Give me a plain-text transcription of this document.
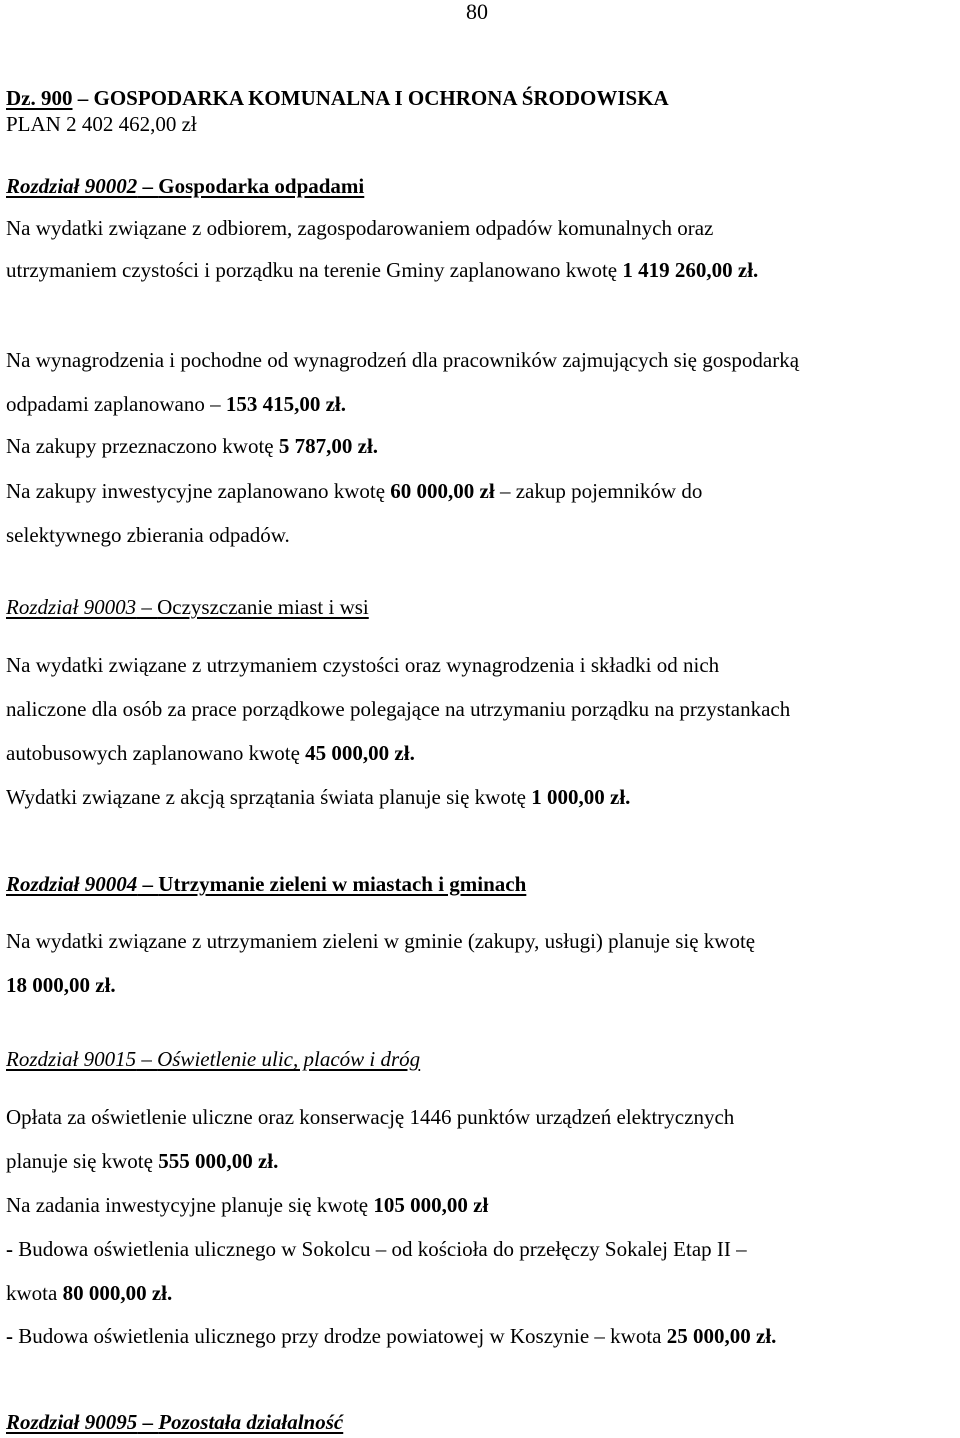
80
Dz. 900 – GOSPODARKA KOMUNALNA I OCHRONA ŚRODOWISKA
PLAN 2 402 462,00 zł
Rozdział 90002 – Gospodarka odpadami
Na wydatki związane z odbiorem, zagospodarowaniem odpadów komunalnych oraz
utrzymaniem czystości i porządku na terenie Gminy zaplanowano kwotę 1 419 260,00 zł.
Na wynagrodzenia i pochodne od wynagrodzeń dla pracowników zajmujących się gospodarką
odpadami zaplanowano – 153 415,00 zł.
Na zakupy przeznaczono kwotę 5 787,00 zł.
Na zakupy inwestycyjne zaplanowano kwotę 60 000,00 zł – zakup pojemników do
selektywnego zbierania odpadów.
Rozdział 90003 – Oczyszczanie miast i wsi
Na wydatki związane z utrzymaniem czystości oraz wynagrodzenia i składki od nich
naliczone dla osób za prace porządkowe polegające na utrzymaniu porządku na przystankach
autobusowych zaplanowano kwotę 45 000,00 zł.
Wydatki związane z akcją sprzątania świata planuje się kwotę 1 000,00 zł.
Rozdział 90004 – Utrzymanie zieleni w miastach i gminach
Na wydatki związane z utrzymaniem zieleni w gminie (zakupy, usługi) planuje się kwotę
18 000,00 zł.
Rozdział 90015 – Oświetlenie ulic, placów i dróg
Opłata za oświetlenie uliczne oraz konserwację 1446 punktów urządzeń elektrycznych
planuje się kwotę 555 000,00 zł.
Na zadania inwestycyjne planuje się kwotę 105 000,00 zł
- Budowa oświetlenia ulicznego w Sokolcu – od kościoła do przełęczy Sokalej Etap II –
kwota 80 000,00 zł.
- Budowa oświetlenia ulicznego przy drodze powiatowej w Koszynie – kwota 25 000,00 zł.
Rozdział 90095 – Pozostała działalność
